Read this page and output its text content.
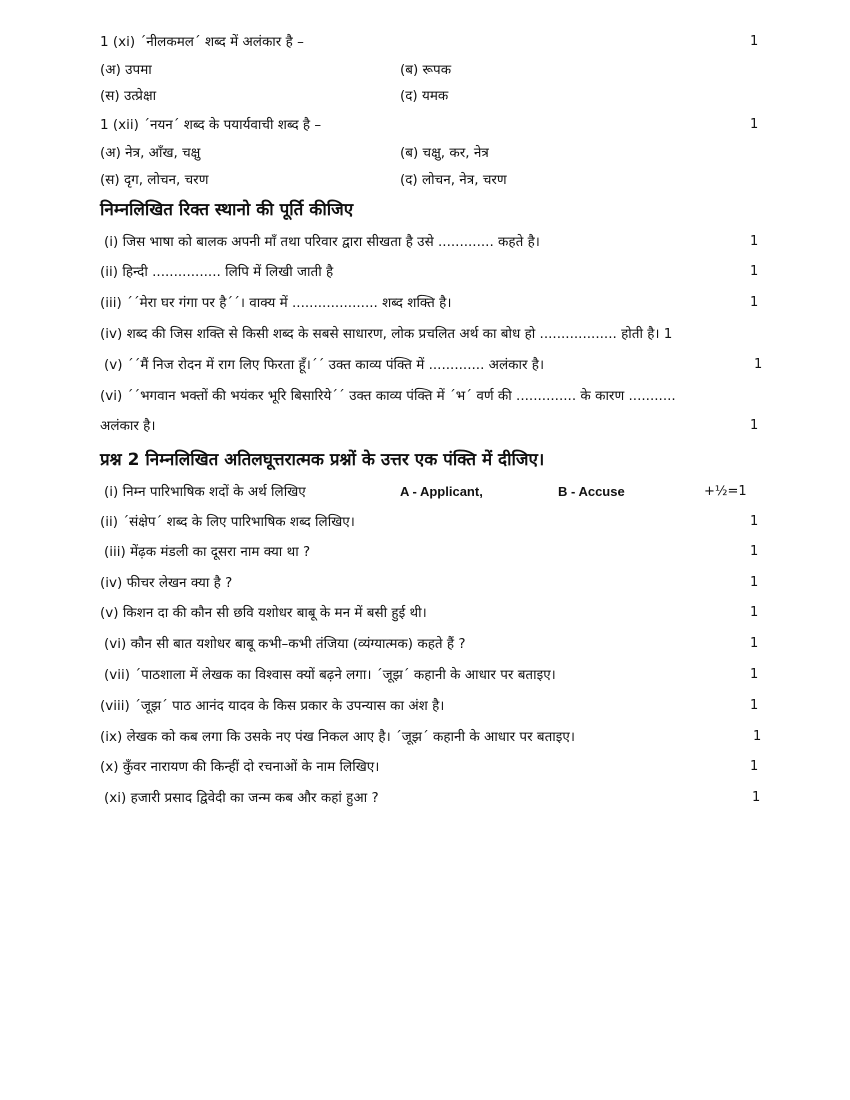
1 (xi) ´नीलकमल´ शब्द में अलंकार है –	1
(अ) उपमा	(ब) रूपक
(स) उत्प्रेक्षा	(द) यमक
1 (xii) ´नयन´ शब्द के पयार्यवाची शब्द है –	1
(अ) नेत्र, आँख, चक्षु	(ब) चक्षु, कर, नेत्र
(स) दृग, लोचन, चरण	(द) लोचन, नेत्र, चरण
निम्नलिखित रिक्त स्थानो की पूर्ति कीजिए
(i) जिस भाषा को बालक अपनी माँ तथा परिवार द्वारा सीखता है उसे ............. कहते है।	1
(ii) हिन्दी ................ लिपि में लिखी जाती है	1
(iii) ´´मेरा घर गंगा पर है´´। वाक्य में .................... शब्द शक्ति है।	1
(iv) शब्द की जिस शक्ति से किसी शब्द के सबसे साधारण, लोक प्रचलित अर्थ का बोध हो .................. होती है। 1
(v) ´´मैं निज रोदन में राग लिए फिरता हूँ।´´ उक्त काव्य पंक्ति में ............. अलंकार है।	1
(vi) ´´भगवान भक्तों की भयंकर भूरि बिसारिये´´ उक्त काव्य पंक्ति में ´भ´ वर्ण की .............. के कारण ...........
अलंकार है।	1
प्रश्न 2 निम्नलिखित अतिलघूत्तरात्मक प्रश्नों के उत्तर एक पंक्ति में दीजिए।
(i) निम्न पारिभाषिक शदों के अर्थ लिखिए	A - Applicant,	B - Accuse	+½=1
(ii) ´संक्षेप´ शब्द के लिए पारिभाषिक शब्द लिखिए।	1
(iii) मेंढ़क मंडली का दूसरा नाम क्या था ?	1
(iv) फीचर लेखन क्या है ?	1
(v) किशन दा की कौन सी छवि यशोधर बाबू के मन में बसी हुई थी।	1
(vi) कौन सी बात यशोधर बाबू कभी–कभी तंजिया (व्यंग्यात्मक) कहते हैं ?	1
(vii) ´पाठशाला में लेखक का विश्वास क्यों बढ़ने लगा। ´जूझ´ कहानी के आधार पर बताइए।	1
(viii) ´जूझ´ पाठ आनंद यादव के किस प्रकार के उपन्यास का अंश है।	1
(ix) लेखक को कब लगा कि उसके नए पंख निकल आए है। ´जूझ´ कहानी के आधार पर बताइए।	1
(x) कुँवर नारायण की किन्हीं दो रचनाओं के नाम लिखिए।	1
(xi) हजारी प्रसाद द्विवेदी का जन्म कब और कहां हुआ ?	1
